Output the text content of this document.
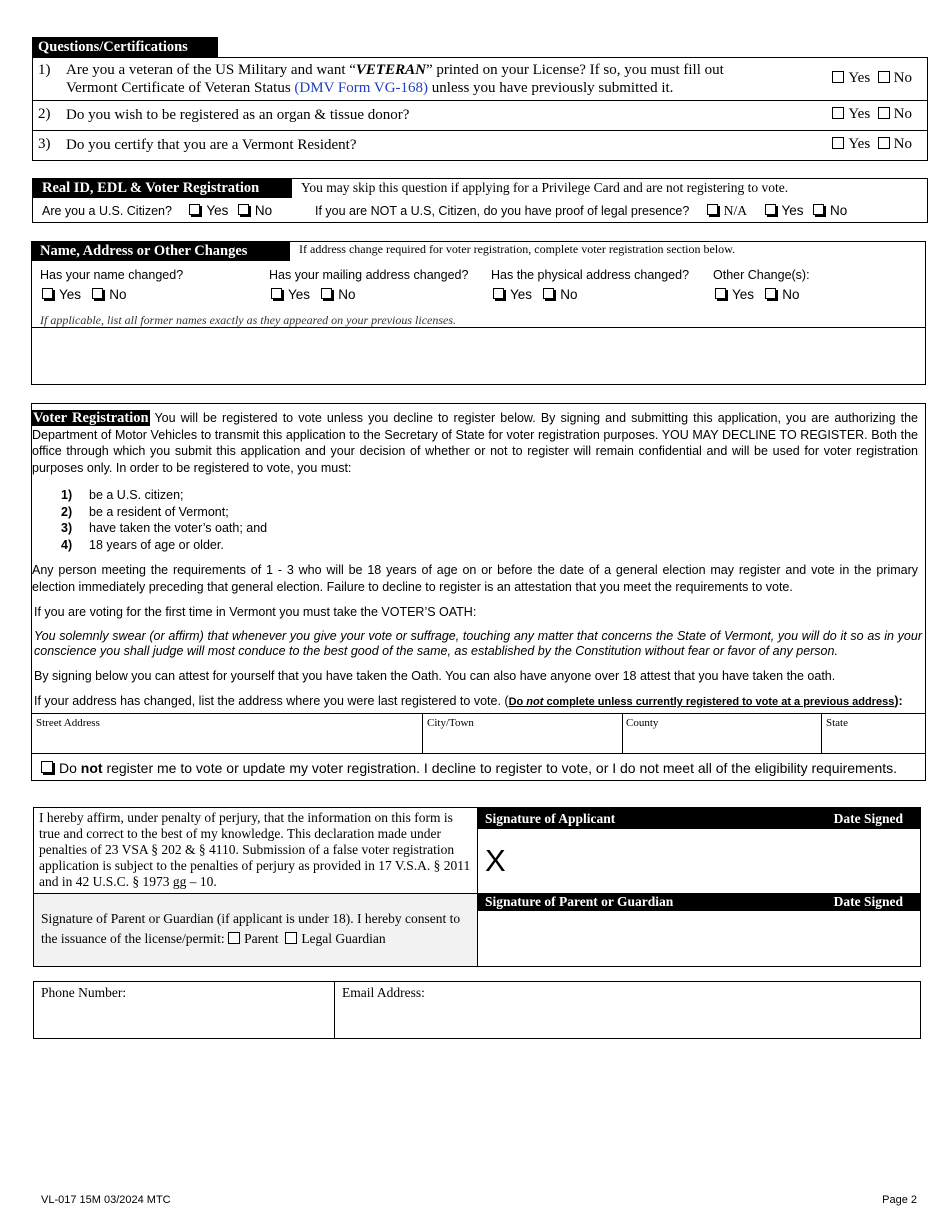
Questions/Certifications
1) Are you a veteran of the US Military and want “VETERAN” printed on your License? If so, you must fill out
Vermont Certificate of Veteran Status (DMV Form VG-168) unless you have previously submitted it.
Yes No
2) Do you wish to be registered as an organ & tissue donor?	Yes No
3) Do you certify that you are a Vermont Resident?	Yes No
Real ID, EDL & Voter Registration	You may skip this question if applying for a Privilege Card and are not registering to vote.
Are you a U.S. Citizen?	Yes No	If you are NOT a U.S, Citizen, do you have proof of legal presence?	N/A	Yes No
Name, Address or Other Changes	If address change required for voter registration, complete voter registration section below.
Has your name changed?
Yes No
Has your mailing address changed?
Yes No
Has the physical address changed?
Yes No
Other Change(s):
Yes No
If applicable, list all former names exactly as they appeared on your previous licenses.
Voter Registration You will be registered to vote unless you decline to register below. By signing and submitting this application, you are authorizing the Department of Motor Vehicles to transmit this application to the Secretary of State for voter registration purposes. YOU MAY DECLINE TO REGISTER. Both the office through which you submit this application and your decision of whether or not to register will remain confidential and will be used for voter registration purposes only. In order to be registered to vote, you must:
1) be a U.S. citizen;
2) be a resident of Vermont;
3) have taken the voter’s oath; and
4) 18 years of age or older.
Any person meeting the requirements of 1 - 3 who will be 18 years of age on or before the date of a general election may register and vote in the primary election immediately preceding that general election. Failure to decline to register is an attestation that you meet the requirements to vote.
If you are voting for the first time in Vermont you must take the VOTER’S OATH:
You solemnly swear (or affirm) that whenever you give your vote or suffrage, touching any matter that concerns the State of Vermont, you will do it so as in your conscience you shall judge will most conduce to the best good of the same, as established by the Constitution without fear or favor of any person.
By signing below you can attest for yourself that you have taken the Oath. You can also have anyone over 18 attest that you have taken the oath.
If your address has changed, list the address where you were last registered to vote. (Do not complete unless currently registered to vote at a previous address):
Street Address	City/Town	County	State
Do not register me to vote or update my voter registration. I decline to register to vote, or I do not meet all of the eligibility requirements.
I hereby affirm, under penalty of perjury, that the information on this form is true and correct to the best of my knowledge. This declaration made under penalties of 23 VSA § 202 & § 4110. Submission of a false voter registration application is subject to the penalties of perjury as provided in 17 V.S.A. § 2011 and in 42 U.S.C. § 1973 gg – 10.
Signature of Parent or Guardian (if applicant is under 18). I hereby consent to the issuance of the license/permit: Parent Legal Guardian
Signature of Applicant	Date Signed
X
Signature of Parent or Guardian	Date Signed
Phone Number:	Email Address:
VL-017 15M 03/2024 MTC	Page 2
